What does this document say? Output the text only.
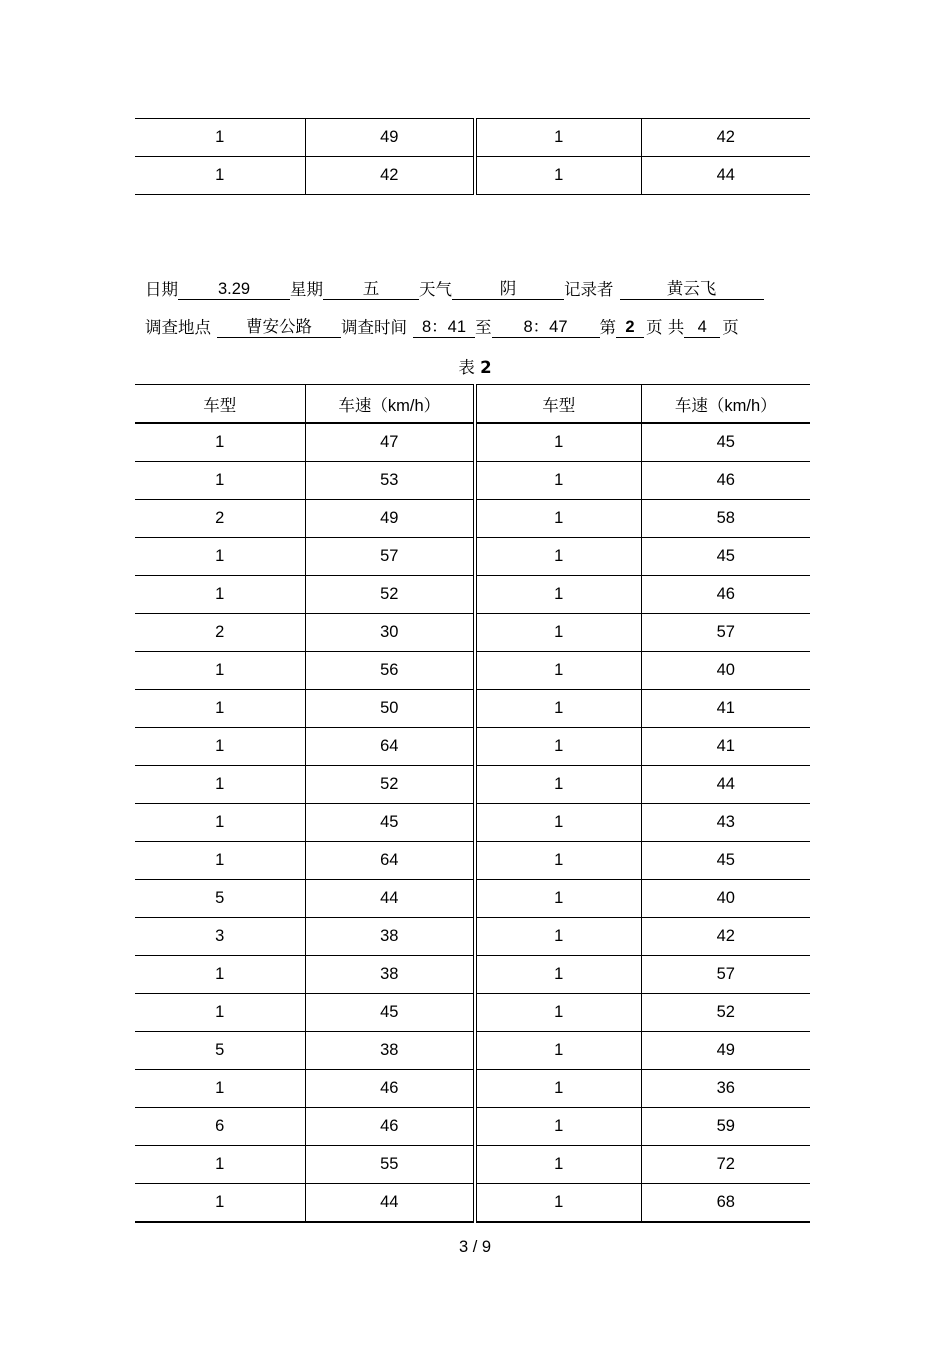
1	49	1	42
1	42	1	44
日期 3.29 星期 五 天气	阴	记录者	黄云飞
调查地点 曹安公路 调查时间 8：41 至 8：47 第 2 页 共 4 页
表 2
车型	车速（km/h）	车型	车速（km/h）
1	47	1	45
1	53	1	46
2	49	1	58
1	57	1	45
1	52	1	46
2	30	1	57
1	56	1	40
1	50	1	41
1	64	1	41
1	52	1	44
1	45	1	43
1	64	1	45
5	44	1	40
3	38	1	42
1	38	1	57
1	45	1	52
5	38	1	49
1	46	1	36
6	46	1	59
1	55	1	72
1	44	1	68
3 / 9
